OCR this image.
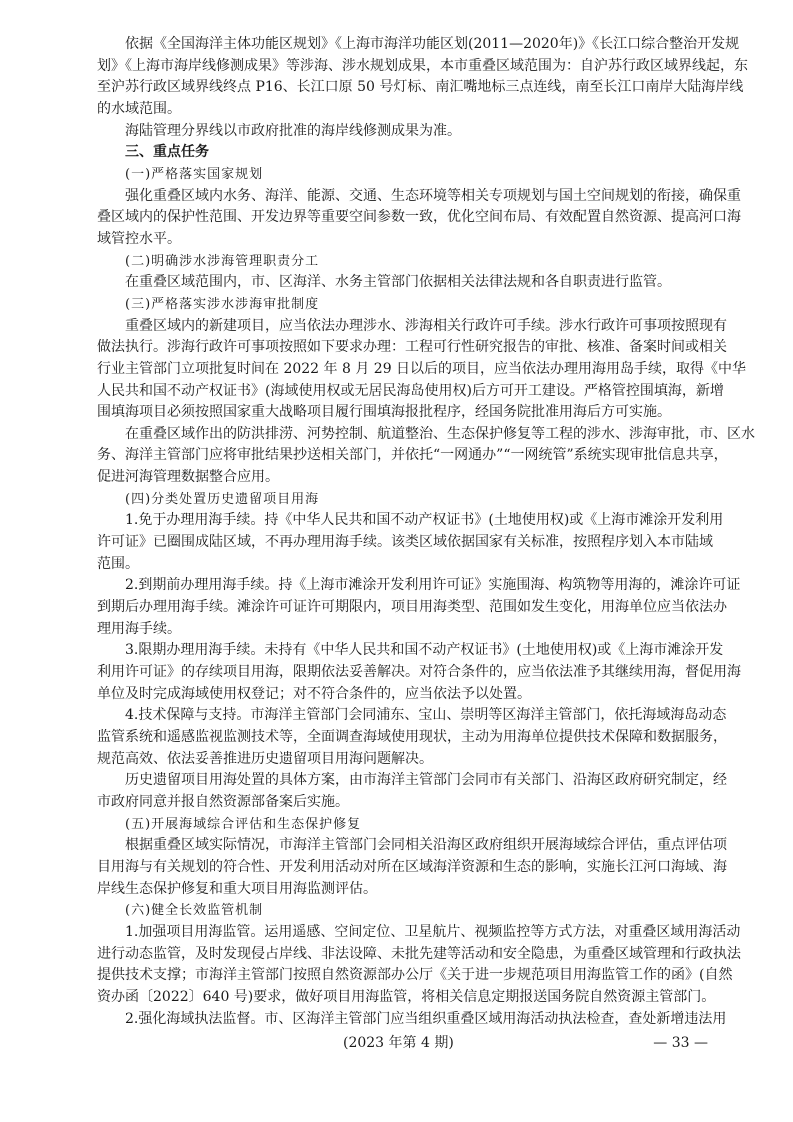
依据《全国海洋主体功能区规划》《上海市海洋功能区划(2011—2020年)》《长江口综合整治开发规
划》《上海市海岸线修测成果》等涉海、涉水规划成果，本市重叠区域范围为：自沪苏行政区域界线起，东
至沪苏行政区域界线终点 P16、长江口原 50 号灯标、南汇嘴地标三点连线，南至长江口南岸大陆海岸线
的水域范围。
海陆管理分界线以市政府批准的海岸线修测成果为准。
三、重点任务
(一)严格落实国家规划
强化重叠区域内水务、海洋、能源、交通、生态环境等相关专项规划与国土空间规划的衔接，确保重
叠区域内的保护性范围、开发边界等重要空间参数一致，优化空间布局、有效配置自然资源、提高河口海
域管控水平。
(二)明确涉水涉海管理职责分工
在重叠区域范围内，市、区海洋、水务主管部门依据相关法律法规和各自职责进行监管。
(三)严格落实涉水涉海审批制度
重叠区域内的新建项目，应当依法办理涉水、涉海相关行政许可手续。涉水行政许可事项按照现有
做法执行。涉海行政许可事项按照如下要求办理：工程可行性研究报告的审批、核准、备案时间或相关
行业主管部门立项批复时间在 2022 年 8 月 29 日以后的项目，应当依法办理用海用岛手续，取得《中华
人民共和国不动产权证书》(海域使用权或无居民海岛使用权)后方可开工建设。严格管控围填海，新增
围填海项目必须按照国家重大战略项目履行围填海报批程序，经国务院批准用海后方可实施。
在重叠区域作出的防洪排涝、河势控制、航道整治、生态保护修复等工程的涉水、涉海审批，市、区水
务、海洋主管部门应将审批结果抄送相关部门，并依托“一网通办”“一网统管”系统实现审批信息共享，
促进河海管理数据整合应用。
(四)分类处置历史遗留项目用海
1.免于办理用海手续。持《中华人民共和国不动产权证书》(土地使用权)或《上海市滩涂开发利用
许可证》已圈围成陆区域，不再办理用海手续。该类区域依据国家有关标准，按照程序划入本市陆域
范围。
2.到期前办理用海手续。持《上海市滩涂开发利用许可证》实施围海、构筑物等用海的，滩涂许可证
到期后办理用海手续。滩涂许可证许可期限内，项目用海类型、范围如发生变化，用海单位应当依法办
理用海手续。
3.限期办理用海手续。未持有《中华人民共和国不动产权证书》(土地使用权)或《上海市滩涂开发
利用许可证》的存续项目用海，限期依法妥善解决。对符合条件的，应当依法准予其继续用海，督促用海
单位及时完成海域使用权登记；对不符合条件的，应当依法予以处置。
4.技术保障与支持。市海洋主管部门会同浦东、宝山、崇明等区海洋主管部门，依托海域海岛动态
监管系统和遥感监视监测技术等，全面调查海域使用现状，主动为用海单位提供技术保障和数据服务，
规范高效、依法妥善推进历史遗留项目用海问题解决。
历史遗留项目用海处置的具体方案，由市海洋主管部门会同市有关部门、沿海区政府研究制定，经
市政府同意并报自然资源部备案后实施。
(五)开展海域综合评估和生态保护修复
根据重叠区域实际情况，市海洋主管部门会同相关沿海区政府组织开展海域综合评估，重点评估项
目用海与有关规划的符合性、开发利用活动对所在区域海洋资源和生态的影响，实施长江河口海域、海
岸线生态保护修复和重大项目用海监测评估。
(六)健全长效监管机制
1.加强项目用海监管。运用遥感、空间定位、卫星航片、视频监控等方式方法，对重叠区域用海活动
进行动态监管，及时发现侵占岸线、非法设障、未批先建等活动和安全隐患，为重叠区域管理和行政执法
提供技术支撑；市海洋主管部门按照自然资源部办公厅《关于进一步规范项目用海监管工作的函》(自然
资办函〔2022〕640 号)要求，做好项目用海监管，将相关信息定期报送国务院自然资源主管部门。
2.强化海域执法监督。市、区海洋主管部门应当组织重叠区域用海活动执法检查，查处新增违法用
(2023 年第 4 期)	— 33 —
